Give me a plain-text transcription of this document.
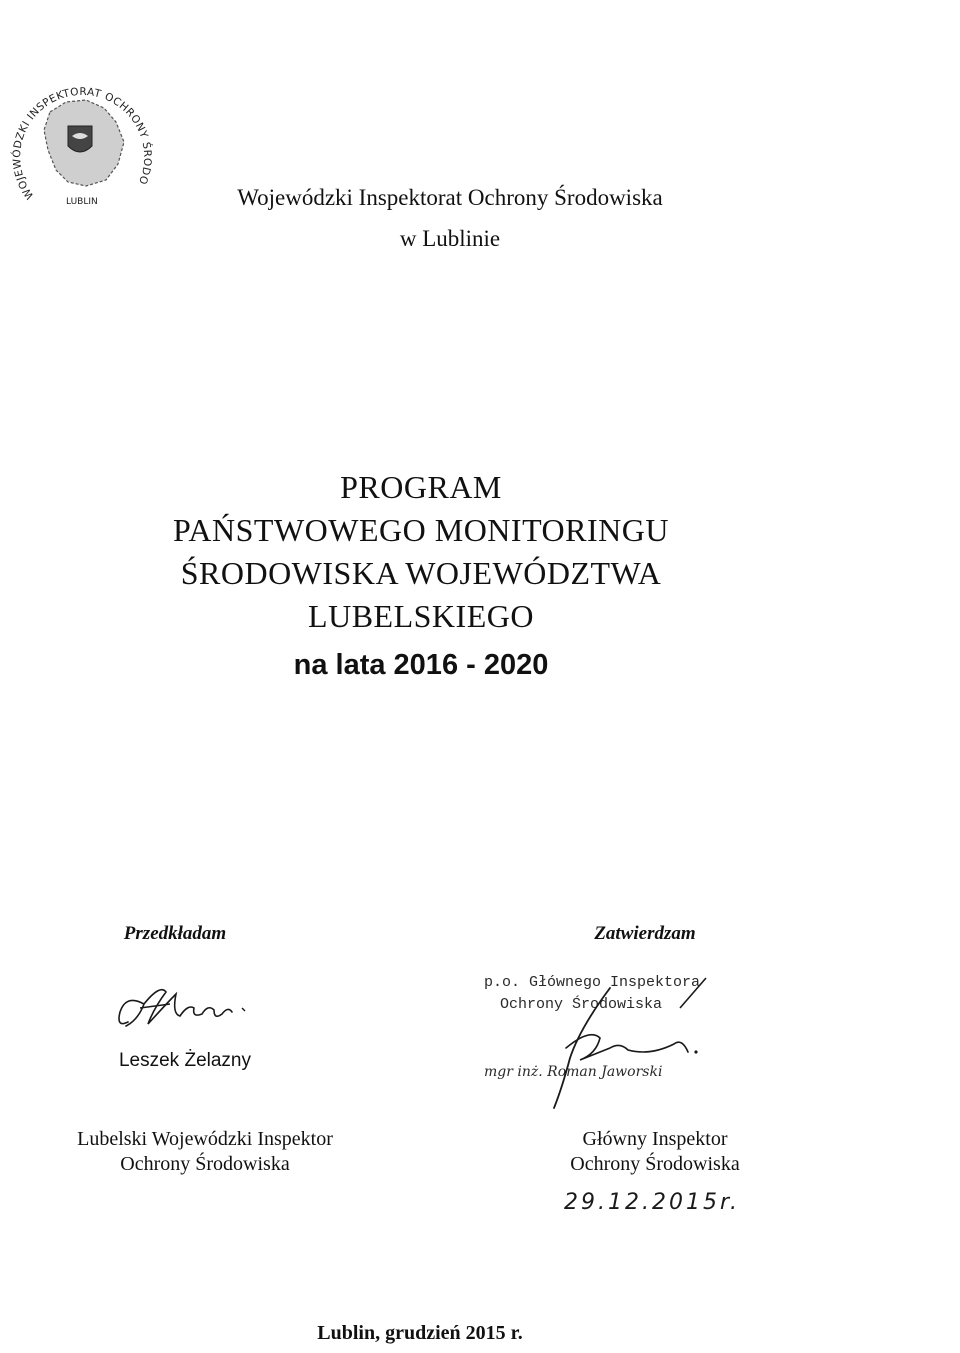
WOJEWÓDZKI INSPEKTORAT OCHRONY ŚRODO
LUBLIN	Wojewódzki Inspektorat Ochrony Środowiska
w Lublinie
PROGRAM
PAŃSTWOWEGO MONITORINGU
ŚRODOWISKA WOJEWÓDZTWA
LUBELSKIEGO
na lata 2016 - 2020
Przedkładam
Leszek Żelazny
Lubelski Wojewódzki Inspektor
Ochrony Środowiska
Zatwierdzam
p.o. Głównego Inspektora
Ochrony Środowiska
mgr inż. Roman Jaworski
Główny Inspektor
Ochrony Środowiska
29.12.2015r.
Lublin, grudzień 2015 r.
